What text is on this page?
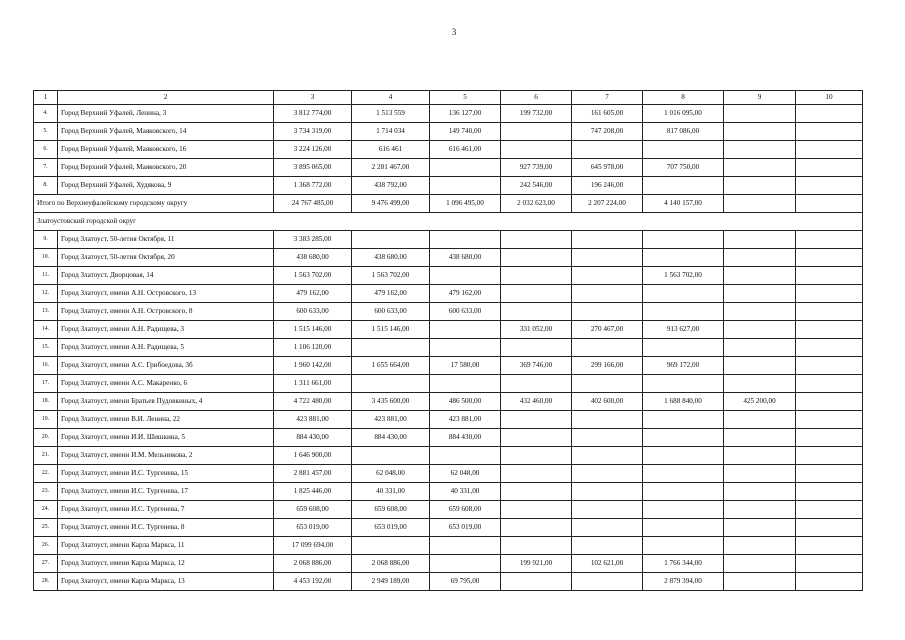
3
1	2	3	4	5	6	7	8	9	10
4.	Город Верхний Уфалей, Ленина, 3	3 812 774,00	1 513 559	136 127,00	199 732,00	161 605,00	1 016 095,00		
5.	Город Верхний Уфалей, Маяковского, 14	3 734 319,00	1 714 034	149 740,00		747 208,00	817 086,00		
6.	Город Верхний Уфалей, Маяковского, 16	3 224 126,00	616 461	616 461,00					
7.	Город Верхний Уфалей, Маяковского, 20	3 895 065,00	2 281 467,00		927 739,00	645 978,00	707 750,00		
8.	Город Верхний Уфалей, Худякова, 9	1 368 772,00	438 792,00		242 546,00	196 246,00			
Итого по Верхнеуфалейскому городскому округу		24 767 485,00	9 476 499,00	1 096 495,00	2 032 623,00	2 207 224,00	4 140 157,00		
Златоустовский городской округ									
9.	Город Златоуст, 50-летия Октября, 11	3 383 285,00							
10.	Город Златоуст, 50-летия Октября, 20	438 680,00	438 680,00	438 680,00					
11.	Город Златоуст, Дворцовая, 14	1 563 702,00	1 563 702,00				1 563 702,00		
12.	Город Златоуст, имени А.Н. Островского, 13	479 162,00	479 162,00	479 162,00					
13.	Город Златоуст, имени А.Н. Островского, 8	600 633,00	600 633,00	600 633,00					
14.	Город Златоуст, имени А.Н. Радищева, 3	1 515 146,00	1 515 146,00		331 052,00	270 467,00	913 627,00		
15.	Город Златоуст, имени А.Н. Радищева, 5	1 106 120,00							
16.	Город Златоуст, имени А.С. Грибоедова, 3б	1 960 142,00	1 655 664,00	17 580,00	369 746,00	299 166,00	969 172,00		
17.	Город Златоуст, имени А.С. Макаренко, 6	1 311 661,00							
18.	Город Златоуст, имени Братьев Пудовкиных, 4	4 722 480,00	3 435 600,00	486 500,00	432 460,00	402 600,00	1 688 840,00	425 200,00	
19.	Город Златоуст, имени В.И. Ленина, 22	423 881,00	423 881,00	423 881,00					
20.	Город Златоуст, имени И.И. Шишкина, 5	884 430,00	884 430,00	884 430,00					
21.	Город Златоуст, имени И.М. Мельникова, 2	1 646 900,00							
22.	Город Златоуст, имени И.С. Тургенева, 15	2 881 457,00	62 048,00	62 048,00					
23.	Город Златоуст, имени И.С. Тургенева, 17	1 825 446,00	40 331,00	40 331,00					
24.	Город Златоуст, имени И.С. Тургенева, 7	659 608,00	659 608,00	659 608,00					
25.	Город Златоуст, имени И.С. Тургенева, 8	653 019,00	653 019,00	653 019,00					
26.	Город Златоуст, имени Карла Маркса, 11	17 099 694,00							
27.	Город Златоуст, имени Карла Маркса, 12	2 068 886,00	2 068 886,00		199 921,00	102 621,00	1 766 344,00		
28.	Город Златоуст, имени Карла Маркса, 13	4 453 192,00	2 949 189,00	69 795,00			2 879 394,00		
